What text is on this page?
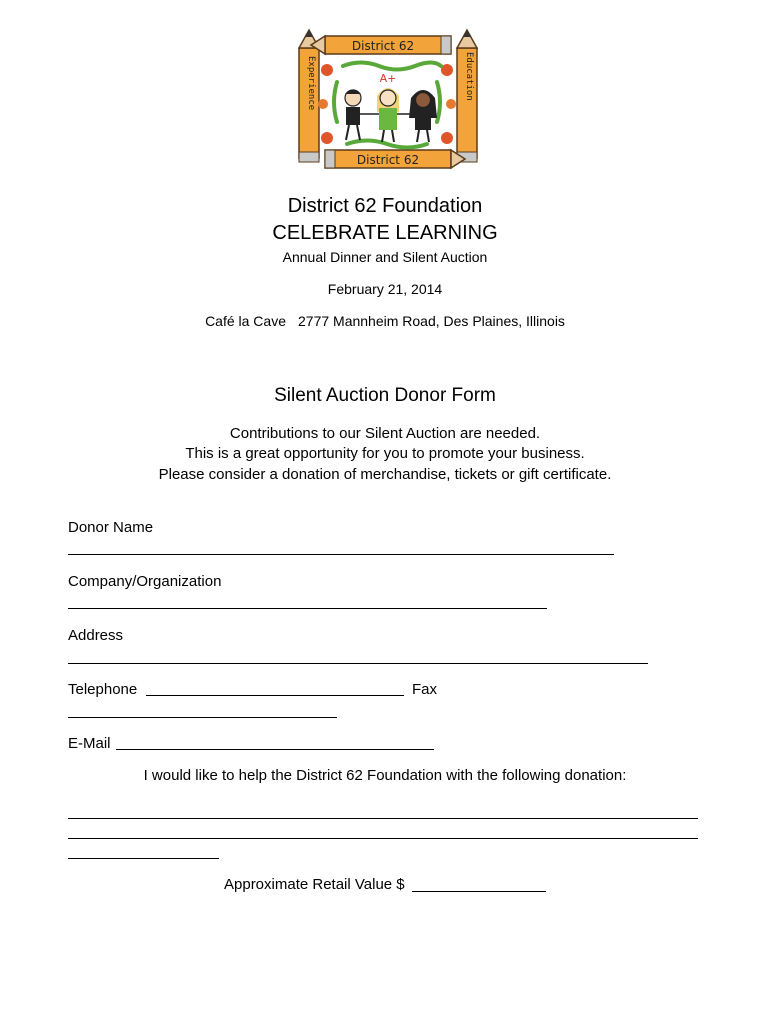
District 62
District 62
Experience	Education
A+
District 62 Foundation
CELEBRATE LEARNING
Annual Dinner and Silent Auction
February 21, 2014
Café la Cave 2777 Mannheim Road, Des Plaines, Illinois
Silent Auction Donor Form
Contributions to our Silent Auction are needed.
This is a great opportunity for you to promote your business.
Please consider a donation of merchandise, tickets or gift certificate.
Donor Name
Company/Organization
Address
Telephone	Fax
E-Mail
I would like to help the District 62 Foundation with the following donation:
Approximate Retail Value $
